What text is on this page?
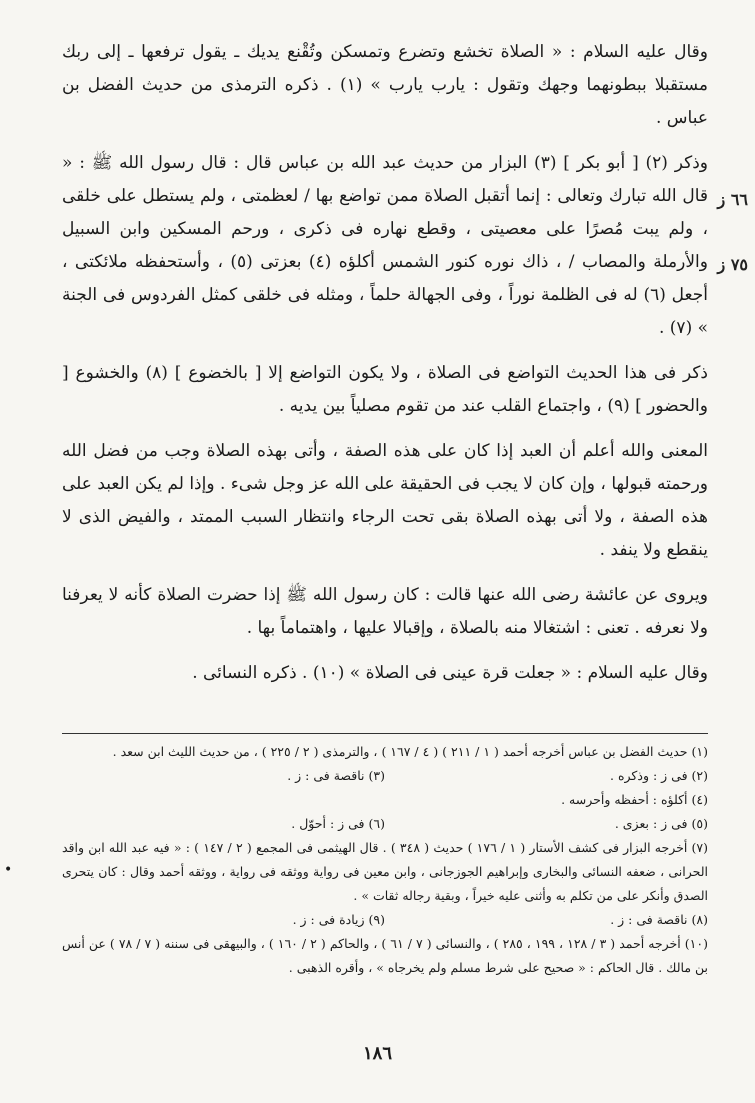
وقال عليه السلام : « الصلاة تخشع وتضرع وتمسكن وتُقْنع يديك ـ يقول ترفعها ـ إلى ربك مستقبلا ببطونهما وجهك وتقول : يارب يارب » (١) . ذكره الترمذى من حديث الفضل بن عباس .

وذكر (٢) [ أبو بكر ] (٣) البزار من حديث عبد الله بن عباس قال : قال رسول الله ﷺ : « قال الله تبارك وتعالى : إنما أتقبل الصلاة ممن تواضع بها / لعظمتى ، ولم يستطل على خلقى ، ولم يبت مُصرًا على معصيتى ، وقطع نهاره فى ذكرى ، ورحم المسكين وابن السبيل والأرملة والمصاب / ، ذاك نوره كنور الشمس أكلؤه (٤) بعزتى (٥) ، وأستحفظه ملائكتى ، أجعل (٦) له فى الظلمة نوراً ، وفى الجهالة حلماً ، ومثله فى خلقى كمثل الفردوس فى الجنة » (٧) .

ذكر فى هذا الحديث التواضع فى الصلاة ، ولا يكون التواضع إلا [ بالخضوع ] (٨) والخشوع [ والحضور ] (٩) ، واجتماع القلب عند من تقوم مصلياً بين يديه .

المعنى والله أعلم أن العبد إذا كان على هذه الصفة ، وأتى بهذه الصلاة وجب من فضل الله ورحمته قبولها ، وإن كان لا يجب فى الحقيقة على الله عز وجل شىء . وإذا لم يكن العبد على هذه الصفة ، ولا أتى بهذه الصلاة بقى تحت الرجاء وانتظار السبب الممتد ، والفيض الذى لا ينقطع ولا ينفد .

ويروى عن عائشة رضى الله عنها قالت : كان رسول الله ﷺ إذا حضرت الصلاة كأنه لا يعرفنا ولا نعرفه . تعنى : اشتغالا منه بالصلاة ، وإقبالا عليها ، واهتماماً بها .

وقال عليه السلام : « جعلت قرة عينى فى الصلاة » (١٠) . ذكره النسائى .

٦٦ ز
٧٥ ز

(١) حديث الفضل بن عباس أخرجه أحمد ( ١ / ٢١١ ) ( ٤ / ١٦٧ ) ، والترمذى ( ٢ / ٢٢٥ ) ، من حديث الليث ابن سعد .

(٢) فى ز : وذكره .

(٣) ناقصة فى : ز .

(٤) أكلؤه : أحفظه وأحرسه .

(٥) فى ز : بعزى .

(٦) فى ز : أحوّل .

(٧) أخرجه البزار فى كشف الأستار ( ١ / ١٧٦ ) حديث ( ٣٤٨ ) . قال الهيثمى فى المجمع ( ٢ / ١٤٧ ) : « فيه عبد الله ابن واقد الحرانى ، ضعفه النسائى والبخارى وإبراهيم الجوزجانى ، وابن معين فى رواية ووثقه فى رواية ، ووثقه أحمد وقال : كان يتحرى الصدق وأنكر على من تكلم به وأثنى عليه خيراً ، وبقية رجاله ثقات » .

(٨) ناقصة فى : ز .

(٩) زيادة فى : ز .

(١٠) أخرجه أحمد ( ٣ / ١٢٨ ، ١٩٩ ، ٢٨٥ ) ، والنسائى ( ٧ / ٦١ ) ، والحاكم ( ٢ / ١٦٠ ) ، والبيهقى فى سننه ( ٧ / ٧٨ ) عن أنس بن مالك . قال الحاكم : « صحيح على شرط مسلم ولم يخرجاه » ، وأقره الذهبى .

•
١٨٦
